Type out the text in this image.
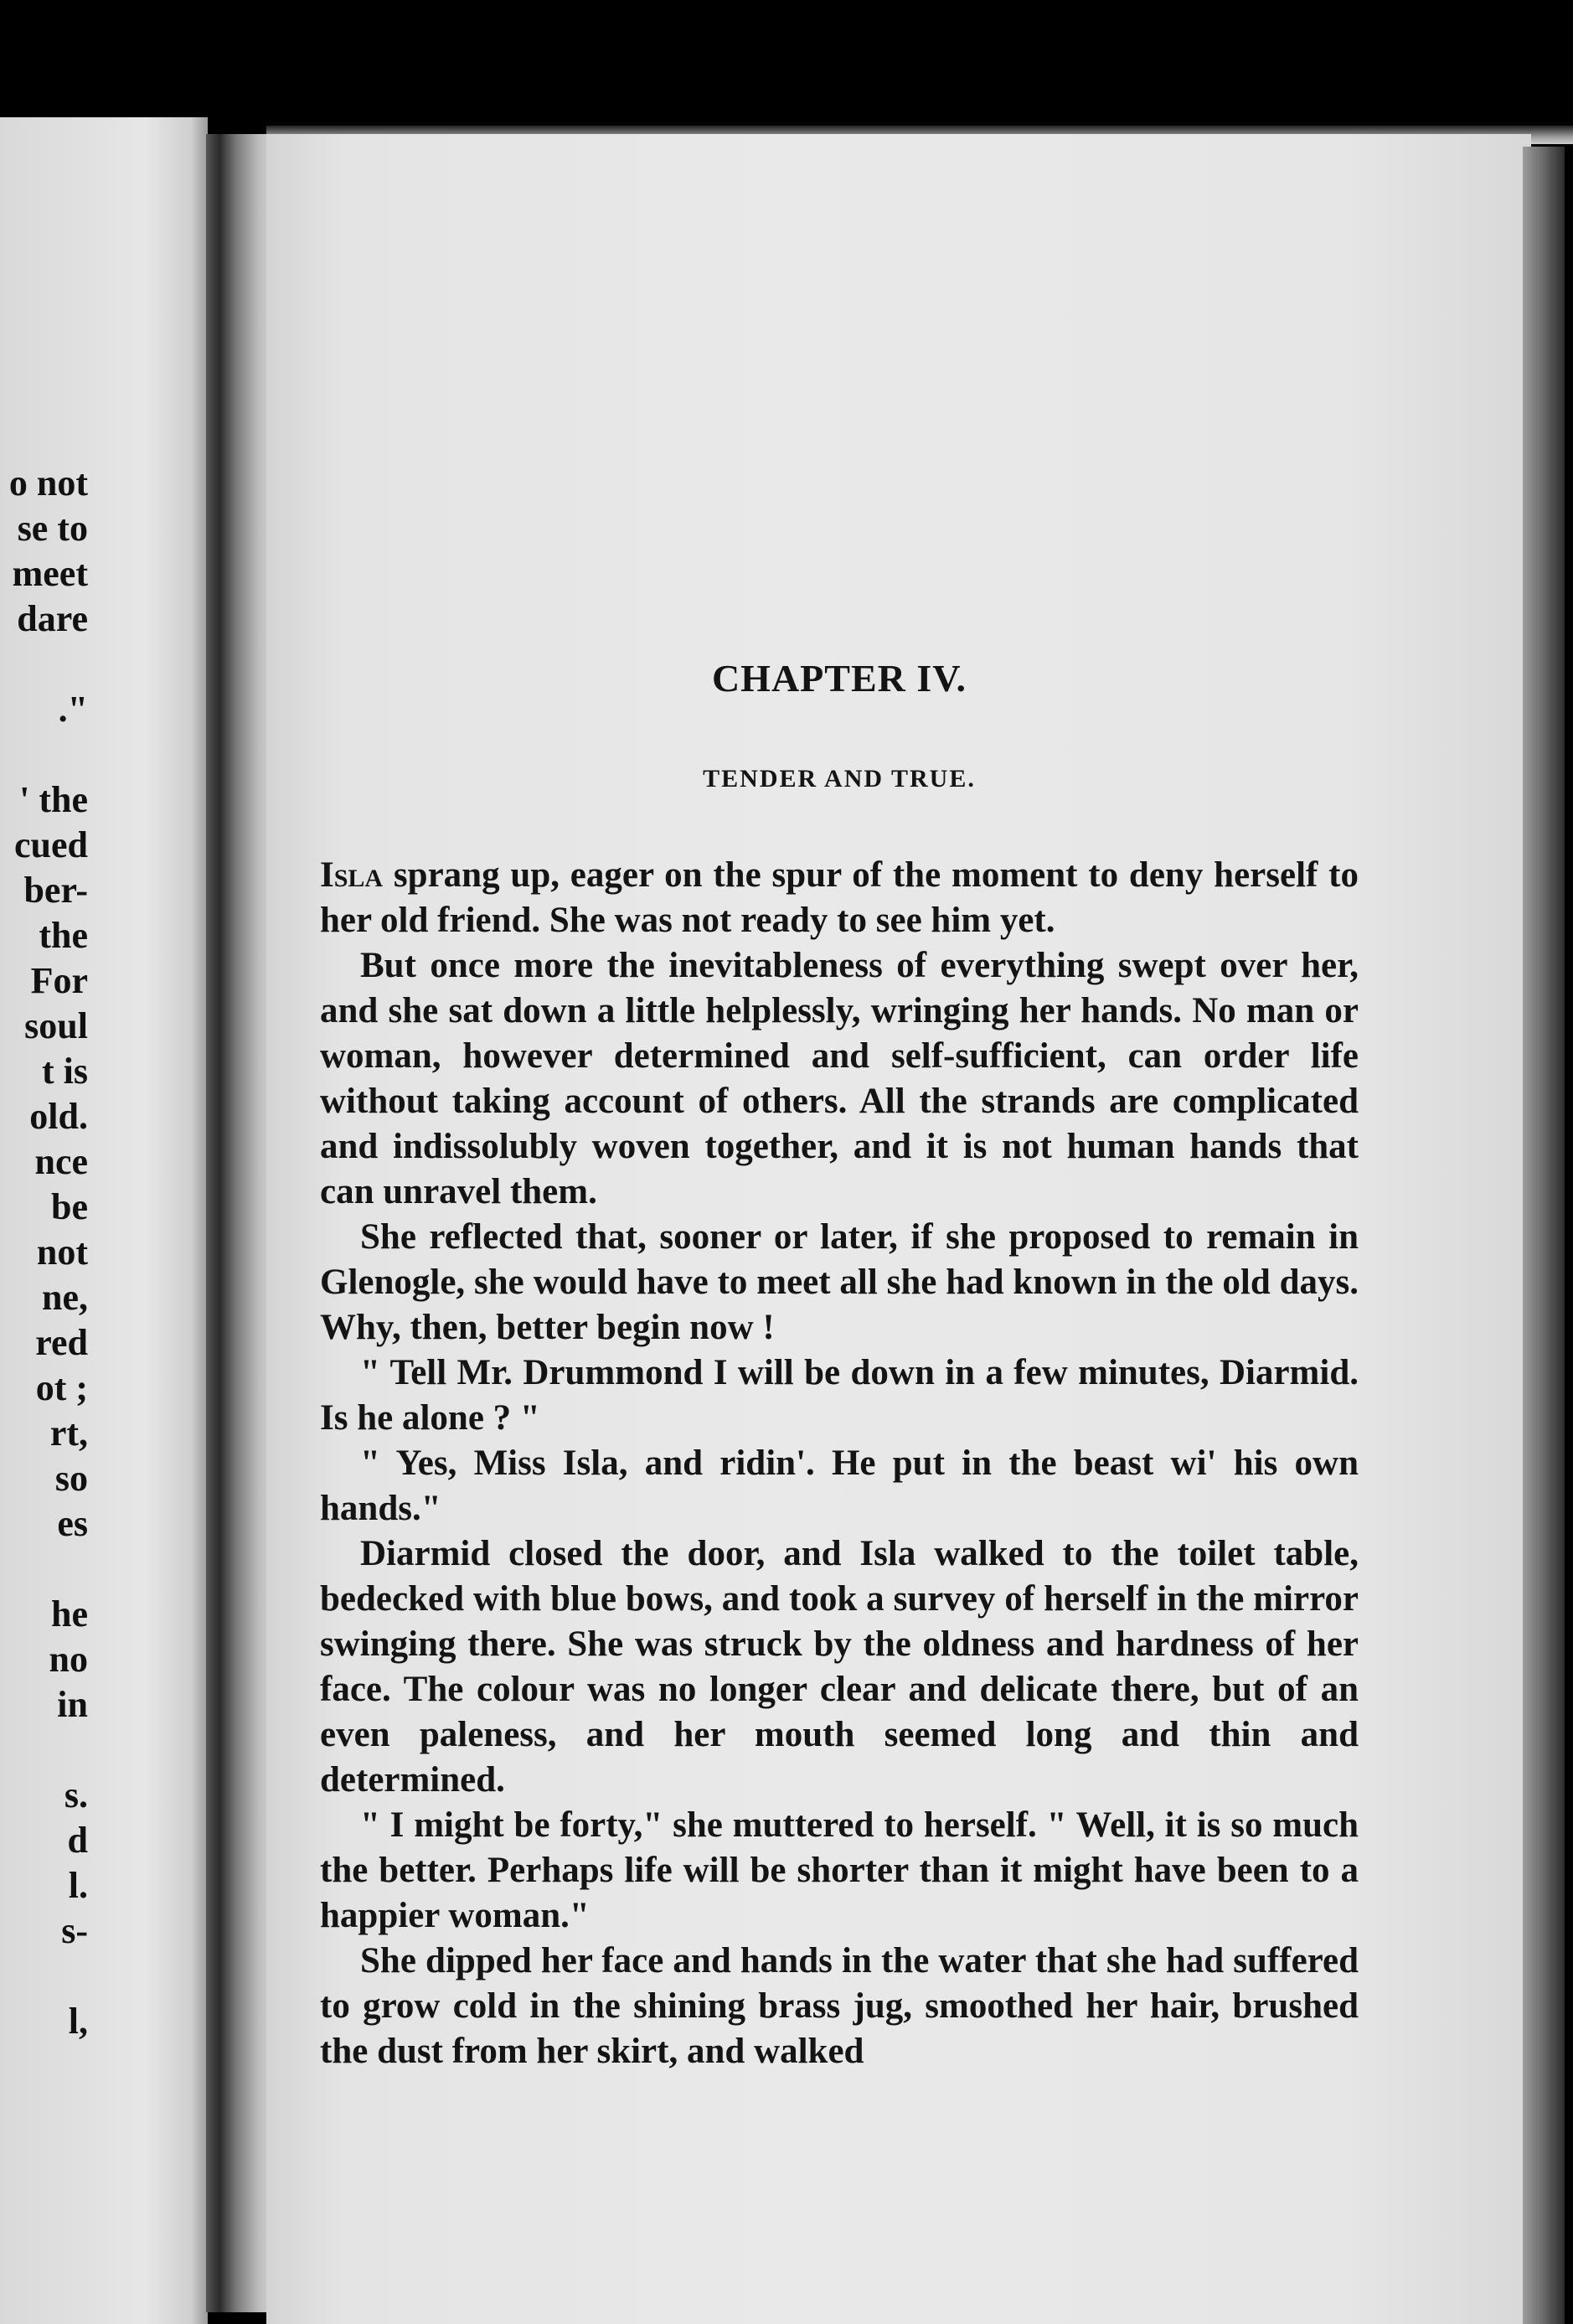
o not
se to
meet
dare

."

' the
cued
ber-
the
For
soul
t is
old.
nce
be
not
ne,
red
ot ;
rt,
so
es

he
no
in

s.
d
l.
s-

l,
CHAPTER IV.
TENDER AND TRUE.

Isla sprang up, eager on the spur of the moment to deny herself to her old friend. She was not ready to see him yet.

But once more the inevitableness of everything swept over her, and she sat down a little helplessly, wringing her hands. No man or woman, however determined and self-sufficient, can order life without taking account of others. All the strands are complicated and indissolubly woven together, and it is not human hands that can unravel them.

She reflected that, sooner or later, if she proposed to remain in Glenogle, she would have to meet all she had known in the old days. Why, then, better begin now !

" Tell Mr. Drummond I will be down in a few minutes, Diarmid. Is he alone ? "

" Yes, Miss Isla, and ridin'. He put in the beast wi' his own hands."

Diarmid closed the door, and Isla walked to the toilet table, bedecked with blue bows, and took a survey of herself in the mirror swinging there. She was struck by the oldness and hardness of her face. The colour was no longer clear and delicate there, but of an even paleness, and her mouth seemed long and thin and determined.

" I might be forty," she muttered to herself. " Well, it is so much the better. Perhaps life will be shorter than it might have been to a happier woman."

She dipped her face and hands in the water that she had suffered to grow cold in the shining brass jug, smoothed her hair, brushed the dust from her skirt, and walked
